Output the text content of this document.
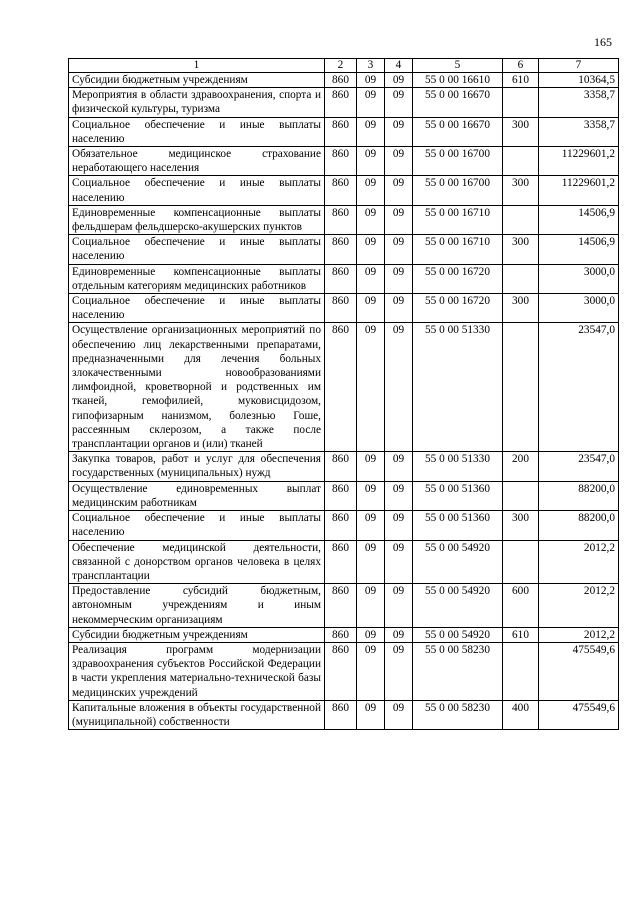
165
1	2	3	4	5	6	7
Субсидии бюджетным учреждениям	860	09	09	55 0 00 16610	610	10364,5
Мероприятия в области здравоохранения, спорта и физической культуры, туризма	860	09	09	55 0 00 16670		3358,7
Социальное обеспечение и иные выплаты населению	860	09	09	55 0 00 16670	300	3358,7
Обязательное медицинское страхование неработающего населения	860	09	09	55 0 00 16700		11229601,2
Социальное обеспечение и иные выплаты населению	860	09	09	55 0 00 16700	300	11229601,2
Единовременные компенсационные выплаты фельдшерам фельдшерско-акушерских пунктов	860	09	09	55 0 00 16710		14506,9
Социальное обеспечение и иные выплаты населению	860	09	09	55 0 00 16710	300	14506,9
Единовременные компенсационные выплаты отдельным категориям медицинских работников	860	09	09	55 0 00 16720		3000,0
Социальное обеспечение и иные выплаты населению	860	09	09	55 0 00 16720	300	3000,0
Осуществление организационных мероприятий по обеспечению лиц лекарственными препаратами, предназначенными для лечения больных злокачественными новообразованиями лимфоидной, кроветворной и родственных им тканей, гемофилией, муковисцидозом, гипофизарным нанизмом, болезнью Гоше, рассеянным склерозом, а также после трансплантации органов и (или) тканей	860	09	09	55 0 00 51330		23547,0
Закупка товаров, работ и услуг для обеспечения государственных (муниципальных) нужд	860	09	09	55 0 00 51330	200	23547,0
Осуществление единовременных выплат медицинским работникам	860	09	09	55 0 00 51360		88200,0
Социальное обеспечение и иные выплаты населению	860	09	09	55 0 00 51360	300	88200,0
Обеспечение медицинской деятельности, связанной с донорством органов человека в целях трансплантации	860	09	09	55 0 00 54920		2012,2
Предоставление субсидий бюджетным, автономным учреждениям и иным некоммерческим организациям	860	09	09	55 0 00 54920	600	2012,2
Субсидии бюджетным учреждениям	860	09	09	55 0 00 54920	610	2012,2
Реализация программ модернизации здравоохранения субъектов Российской Федерации в части укрепления материально-технической базы медицинских учреждений	860	09	09	55 0 00 58230		475549,6
Капитальные вложения в объекты государственной (муниципальной) собственности	860	09	09	55 0 00 58230	400	475549,6
